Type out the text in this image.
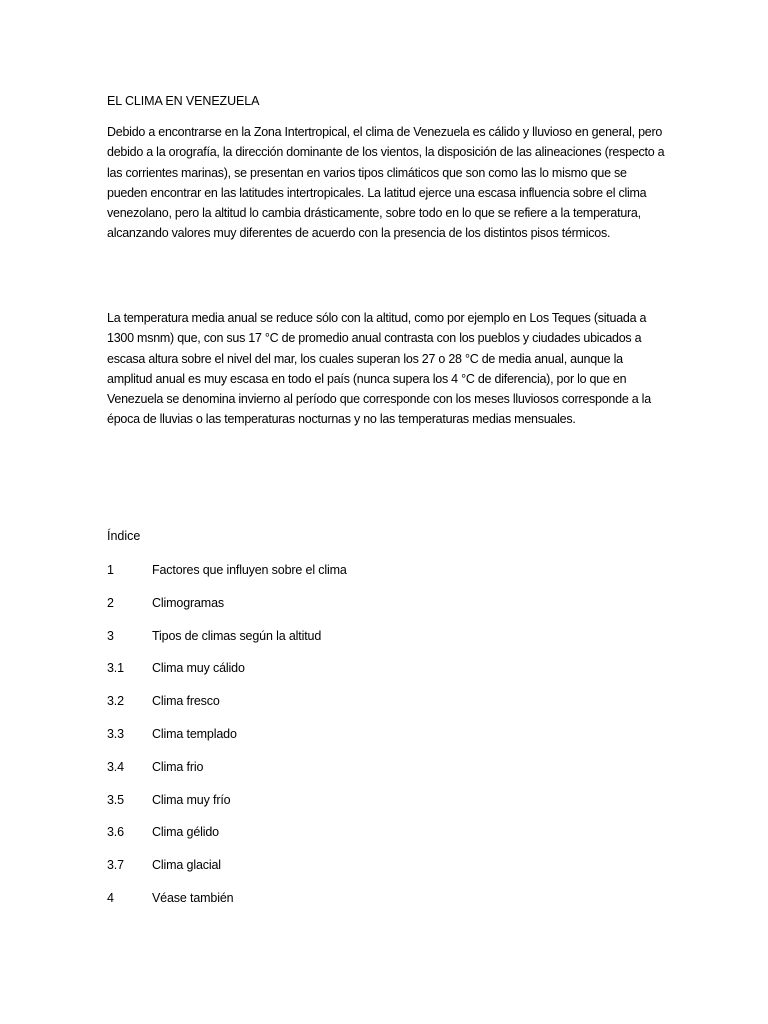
EL CLIMA EN VENEZUELA

Debido a encontrarse en la Zona Intertropical, el clima de Venezuela es cálido y lluvioso en general, pero debido a la orografía, la dirección dominante de los vientos, la disposición de las alineaciones (respecto a las corrientes marinas), se presentan en varios tipos climáticos que son como las lo mismo que se pueden encontrar en las latitudes intertropicales. La latitud ejerce una escasa influencia sobre el clima venezolano, pero la altitud lo cambia drásticamente, sobre todo en lo que se refiere a la temperatura, alcanzando valores muy diferentes de acuerdo con la presencia de los distintos pisos térmicos.

La temperatura media anual se reduce sólo con la altitud, como por ejemplo en Los Teques (situada a 1300 msnm) que, con sus 17 °C de promedio anual contrasta con los pueblos y ciudades ubicados a escasa altura sobre el nivel del mar, los cuales superan los 27 o 28 °C de media anual, aunque la amplitud anual es muy escasa en todo el país (nunca supera los 4 °C de diferencia), por lo que en Venezuela se denomina invierno al período que corresponde con los meses lluviosos corresponde a la época de lluvias o las temperaturas nocturnas y no las temperaturas medias mensuales.

Índice
1	Factores que influyen sobre el clima
2	Climogramas
3	Tipos de climas según la altitud
3.1	Clima muy cálido
3.2	Clima fresco
3.3	Clima templado
3.4	Clima frio
3.5	Clima muy frío
3.6	Clima gélido
3.7	Clima glacial
4	Véase también
